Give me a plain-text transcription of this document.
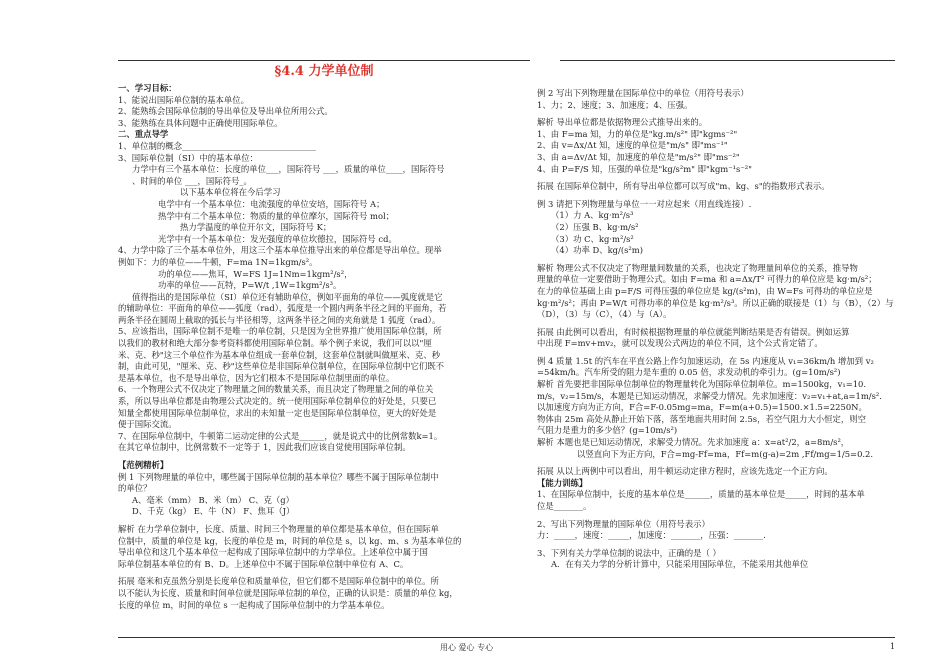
§4.4 力学单位制
一、学习目标：
1、能说出国际单位制的基本单位。
2、能熟练会国际单位制的导出单位及导出单位所用公式。
3、能熟练在具体问题中正确使用国际单位。
二、重点导学
1、单位制的概念________________________________
3、国际单位制（SI）中的基本单位：
力学中有三个基本单位：长度的单位___，国际符号 ___，质量的单位____，国际符号
、时间的单位 ___，国际符号_。
以下基本单位将在今后学习
电学中有一个基本单位：电流强度的单位安培，国际符号 A；
热学中有二个基本单位：物质的量的单位摩尔，国际符号 mol；
热力学温度的单位开尔文，国际符号 K；
光学中有一个基本单位：发光强度的单位坎德拉，国际符号 cd。
4、力学中除了三个基本单位外，用这三个基本单位推导出来的单位都是导出单位。现举
例如下：力的单位——牛顿，F=ma 1N=1kgm/s²。
功的单位——焦耳，W=FS 1J=1Nm=1kgm²/s²，
功率的单位——瓦特，P=W/t ,1W=1kgm²/s³。
值得指出的是国际单位（SI）单位还有辅助单位，例如平面角的单位——弧度就是它
的辅助单位：平面角的单位——弧度（rad），弧度是一个圆内两条半径之间的平面角，若
两条半径在圆周上截取的弧长与半径相等，这两条半径之间的夹角就是 1 弧度（rad）。
5、应该指出，国际单位制不是唯一的单位制，只是因为全世界推广使用国际单位制，所
以我们的教材和绝大部分参考资料都使用国际单位制。举个例子来说，我们可以以"厘
米、克、秒"这三个单位作为基本单位组成一套单位制，这套单位制就叫做厘米、克、秒
制，由此可见，"厘米、克、秒"这些单位是非国际单位制单位，在国际单位制中它们既不
是基本单位，也不是导出单位，因为它们根本不是国际单位制里面的单位。
6、一个物理公式不仅决定了物理量之间的数量关系，而且决定了物理量之间的单位关
系，所以导出单位都是由物理公式决定的。统一使用国际单位制单位的好处是，只要已
知量全都使用国际单位制单位，求出的未知量一定也是国际单位制单位，更大的好处是
便于国际交流。
7、在国际单位制中，牛顿第二运动定律的公式是______，就是说式中的比例常数k=1。
在其它单位制中，比例常数不一定等于 1，因此我们应该自觉使用国际单位制。
【范例精析】
例 1 下列物理量的单位中，哪些属于国际单位制的基本单位？哪些不属于国际单位制中
的单位？
A、毫米（mm） B、米（m） C、克（g）
D、千克（kg） E、牛（N） F、焦耳（J）
解析 在力学单位制中，长度、质量、时间三个物理量的单位都是基本单位，但在国际单
位制中，质量的单位是 kg，长度的单位是 m，时间的单位是 s，以 kg、m、s 为基本单位的
导出单位和这几个基本单位一起构成了国际单位制中的力学单位。上述单位中属于国
际单位制基本单位的有 B、D。上述单位中不属于国际单位制中单位有 A、C。
拓展 毫米和克虽然分别是长度单位和质量单位，但它们都不是国际单位制中的单位。所
以不能认为长度、质量和时间单位就是国际单位制的单位，正确的认识是：质量的单位 kg，
长度的单位 m，时间的单位 s 一起构成了国际单位制中的力学基本单位。
例 2 写出下列物理量在国际单位中的单位（用符号表示）
1、力；2、速度；3、加速度；4、压强。
解析 导出单位都是依据物理公式推导出来的。
1、由 F=ma 知，力的单位是"kg.m/s²" 即"kgms⁻²"
2、由 v=Δx/Δt 知，速度的单位是"m/s" 即"ms⁻¹"
3、由 a=Δv/Δt 知，加速度的单位是"m/s²" 即"ms⁻²"
4、由 P=F/S 知，压强的单位是"kg/s²m" 即"kgm⁻¹s⁻²"
拓展 在国际单位制中，所有导出单位都可以写成"m、kg、s"的指数形式表示。
例 3 请把下列物理量与单位一一对应起来（用直线连接）.
（1）力 A、kg·m²/s³
（2）压强 B、kg·m/s²
（3）功 C、kg·m²/s²
（4）功率 D、kg/(s²m)
解析 物理公式不仅决定了物理量间数量的关系，也决定了物理量间单位的关系，推导物
理量的单位一定要借助于物理公式。如由 F=ma 和 a=Δx/T² 可得力的单位应是 kg·m/s²；
在力的单位基础上由 p=F/S 可得压强的单位应是 kg/(s²m)，由 W=Fs 可得功的单位应是
kg·m²/s²；再由 P=W/t 可得功率的单位是 kg·m²/s³。所以正确的联接是（1）与（B），（2）与
（D），（3）与（C），（4）与（A）。
拓展 由此例可以看出，有时候根据物理量的单位就能判断结果是否有错误。例如运算
中出现 F=mv+mv₂，就可以发现公式两边的单位不同，这个公式肯定错了。
例 4 质量 1.5t 的汽车在平直公路上作匀加速运动，在 5s 内速度从 v₁=36km/h 增加到 v₂
=54km/h。汽车所受的阻力是车重的 0.05 倍，求发动机的牵引力。(g=10m/s²)
解析 首先要把非国际单位制单位的物理量转化为国际单位制单位。m=1500kg，v₁=10.
m/s，v₂=15m/s，本题是已知运动情况，求解受力情况。先求加速度：v₂=v₁+at,a=1m/s².
以加速度方向为正方向，F合=F-0.05mg=ma，F=m(a+0.5)=1500.×1.5=2250N。
物体由 25m 高处从静止开始下落，落至地面共用时间 2.5s，若空气阻力大小恒定，则空
气阻力是重力的多少倍？(g=10m/s²)
解析 本题也是已知运动情况，求解受力情况。先求加速度 a：x=at²/2，a=8m/s²，
以竖直向下为正方向，F合=mg-Ff=ma，Ff=m(g-a)=2m ,Ff/mg=1/5=0.2.
拓展 从以上两例中可以看出，用牛顿运动定律方程时，应该先选定一个正方向。
【能力训练】
1、在国际单位制中，长度的基本单位是______，质量的基本单位是_____，时间的基本单
位是_______。
2、写出下列物理量的国际单位（用符号表示）
力：_____，速度：_____，加速度：_______，压强：_______.
3、下列有关力学单位制的说法中，正确的是（ ）
A．在有关力学的分析计算中，只能采用国际单位，不能采用其他单位
用心 爱心 专心	1
